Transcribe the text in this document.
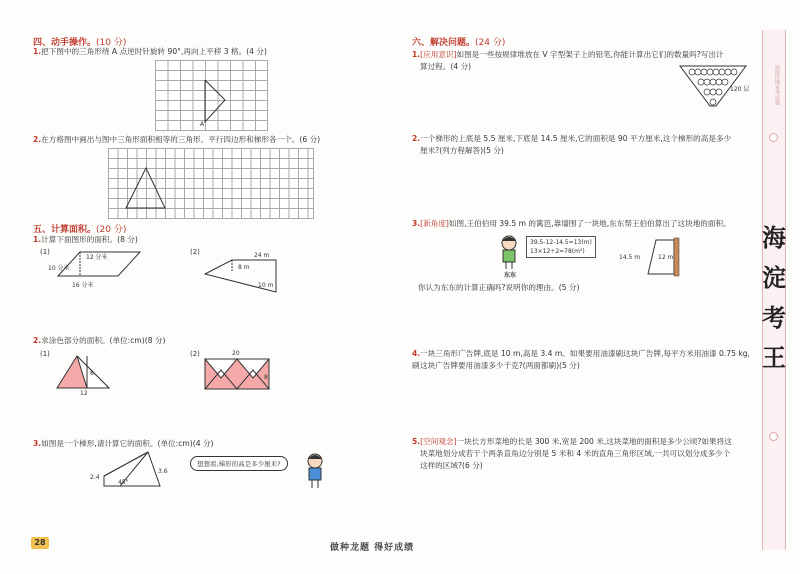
四、动手操作。(10 分)
1.把下图中的三角形绕 A 点逆时针旋转 90°,再向上平移 3 格。(4 分)
A
2.在方格图中画出与图中三角形面积相等的三角形、平行四边形和梯形各一个。(6 分)
五、计算面积。(20 分)
1.计算下面图形的面积。(8 分)
(1)	(2)
12 分米
10 分米
16 分米
24 m
8 m
10 m
2.求涂色部分的面积。(单位:cm)(8 分)
(1)	(2)
6
12
20
8
3.如图是一个梯形,请计算它的面积。(单位:cm)(4 分)
2.4
3.6
45°
想想看,梯形的高是多少厘米?
六、解决问题。(24 分)
1.[应用意识]如图是一些按规律堆放在 V 字型架子上的铅笔,你能计算出它们的数量吗?写出计
算过程。(4 分)
120 层
2.一个梯形的上底是 5.5 厘米,下底是 14.5 厘米,它的面积是 90 平方厘米,这个梯形的高是多少
厘米?(列方程解答)(5 分)
3.[新角度]如图,王伯伯用 39.5 m 的篱笆,靠墙围了一块地,东东帮王伯伯算出了这块地的面积。
东东
39.5-12-14.5=13(m)
13×12÷2=78(m²)
14.5 m	12 m
你认为东东的计算正确吗?说明你的理由。(5 分)
4.一块三角形广告牌,底是 10 m,高是 3.4 m。如果要用油漆刷这块广告牌,每平方米用油漆 0.75 kg,刷 这块广告牌要用油漆多少千克?(两面都刷)(5 分)
5.[空间观念]一块长方形菜地的长是 300 米,宽是 200 米,这块菜地的面积是多少公顷?如果将这
块菜地划分成若干个两条直角边分别是 5 米和 4 米的直角三角形区域,一共可以划分成多少个
这样的区域?(6 分)
海淀区期末考试题
海
淀
考
王
28
做种龙题 得好成绩
